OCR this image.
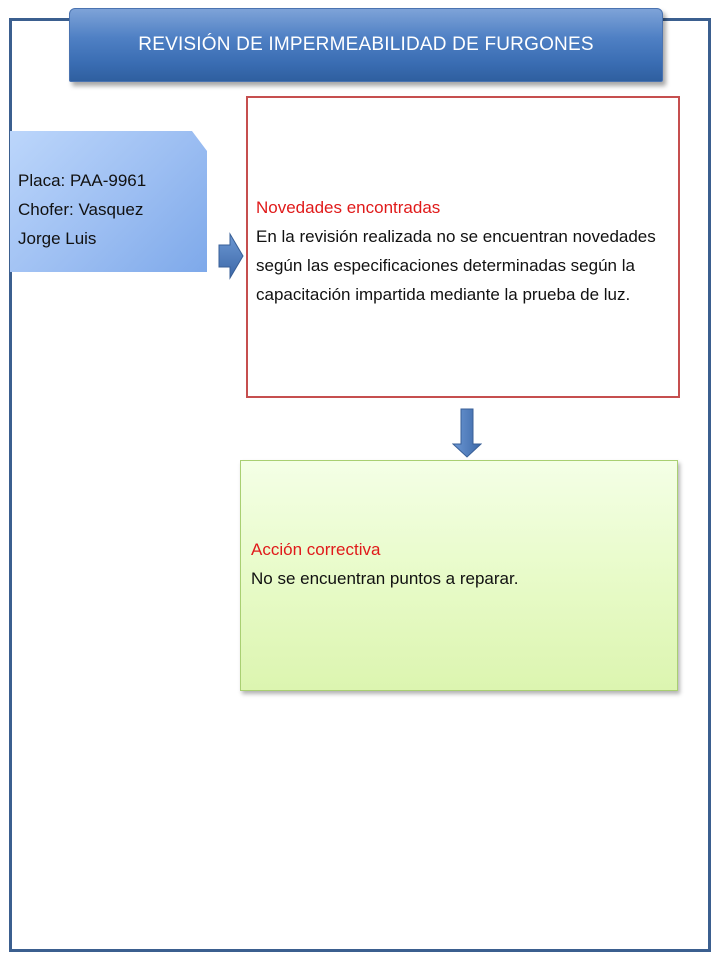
REVISIÓN DE IMPERMEABILIDAD DE FURGONES
Placa: PAA-9961
Chofer: Vasquez
Jorge Luis
Novedades encontradas
En la revisión realizada no se encuentran novedades según las especificaciones determinadas según la capacitación impartida mediante la prueba de luz.
Acción correctiva
No se encuentran puntos a reparar.
